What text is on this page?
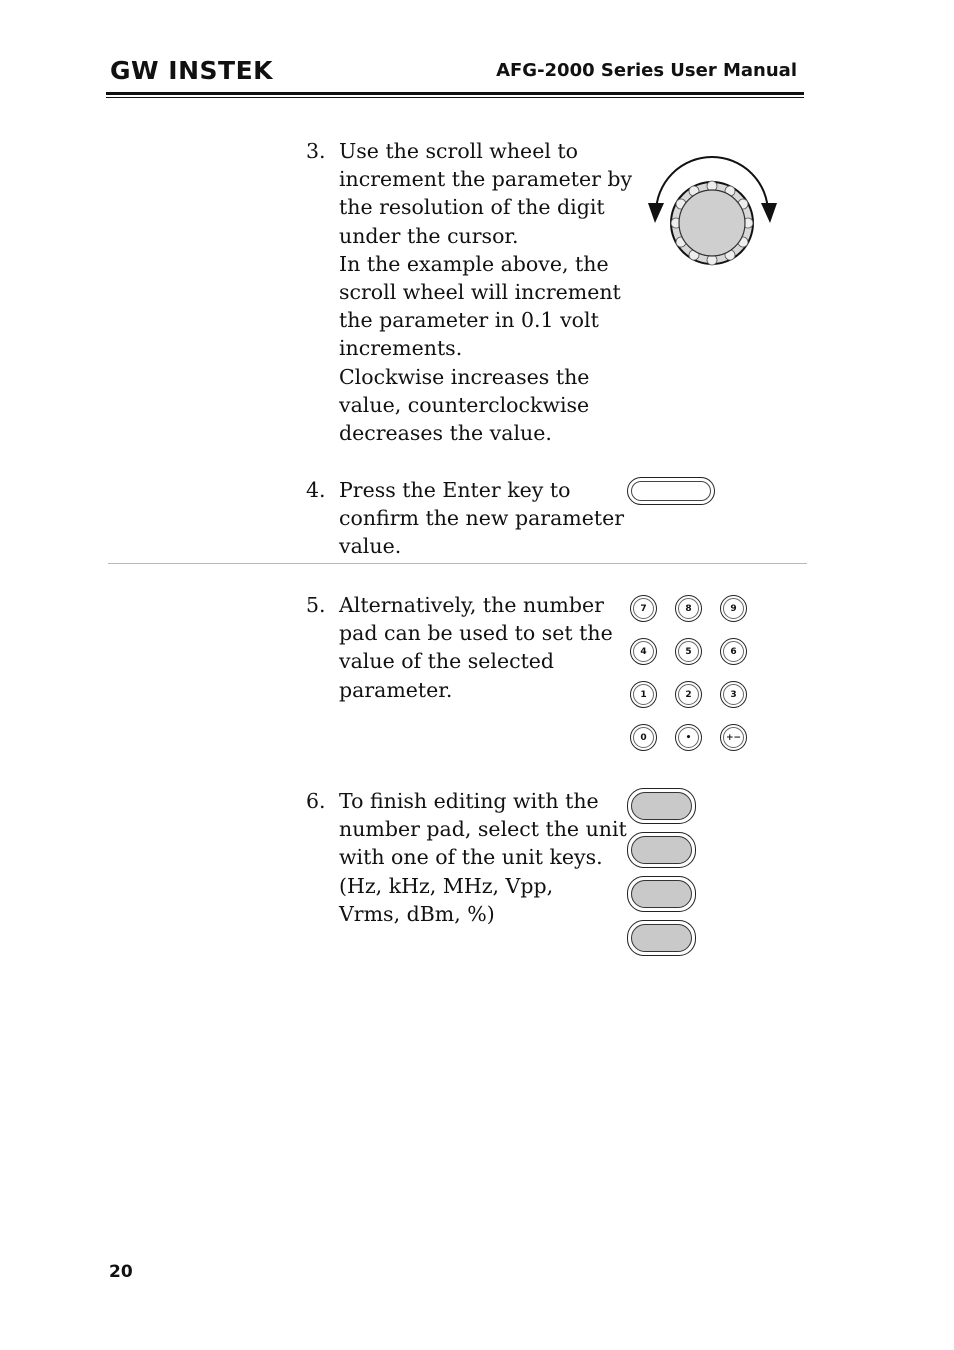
GW INSTEK	AFG-2000 Series User Manual
3. Use the scroll wheel to
increment the parameter by
the resolution of the digit
under the cursor.
In the example above, the
scroll wheel will increment
the parameter in 0.1 volt
increments.
Clockwise increases the
value, counterclockwise
decreases the value.
4. Press the Enter key to
confirm the new parameter
value.
5. Alternatively, the number
pad can be used to set the
value of the selected
parameter.
7	8	9
4	5	6
1	2	3
0	•	+−
6. To finish editing with the
number pad, select the unit
with one of the unit keys.
(Hz, kHz, MHz, Vpp,
Vrms, dBm, %)
20
